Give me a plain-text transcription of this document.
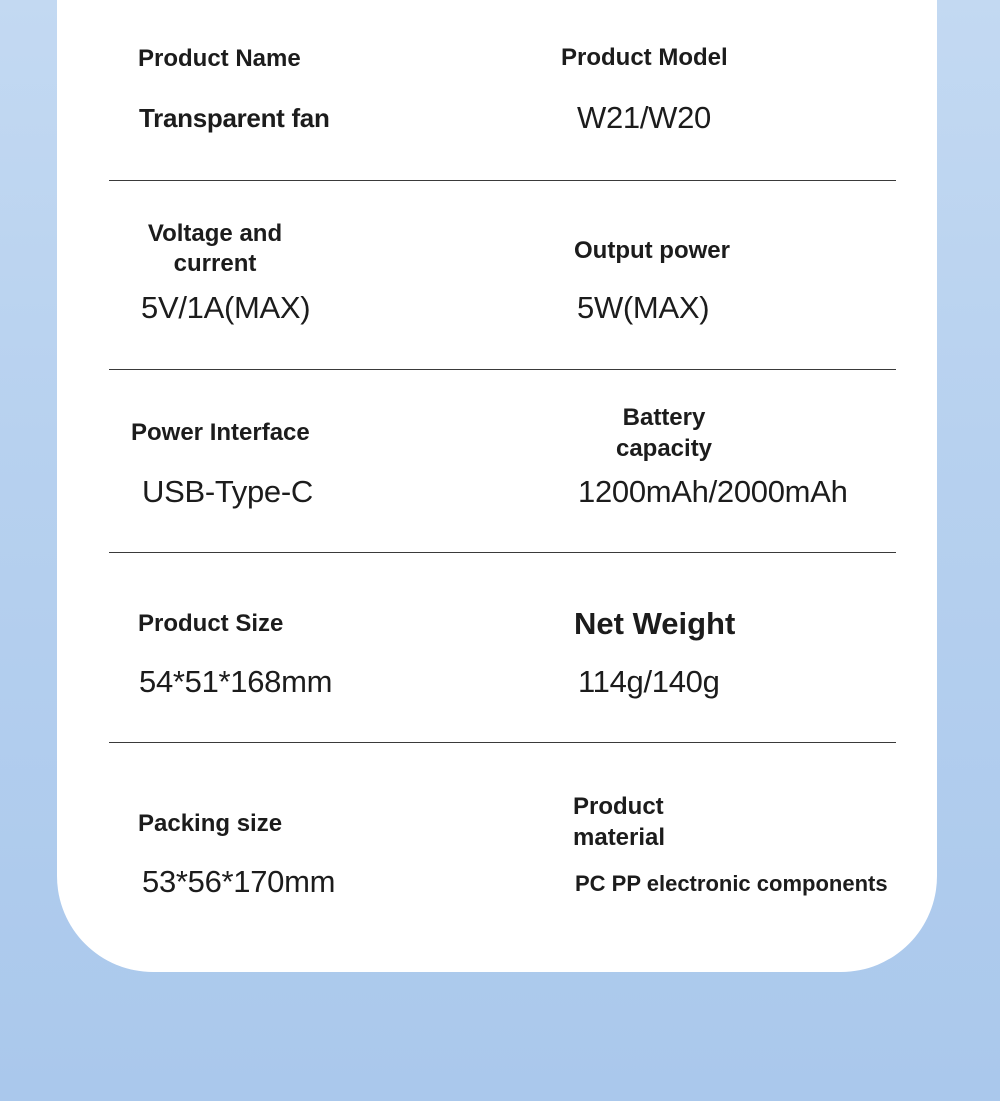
Product Name

Transparent fan

Product Model

W21/W20

Voltage and

current

5V/1A(MAX)

Output power

5W(MAX)

Power Interface

USB-Type-C

Battery

capacity

1200mAh/2000mAh

Product Size

54*51*168mm

Net Weight

114g/140g

Packing size

53*56*170mm

Product

material

PC PP electronic components
